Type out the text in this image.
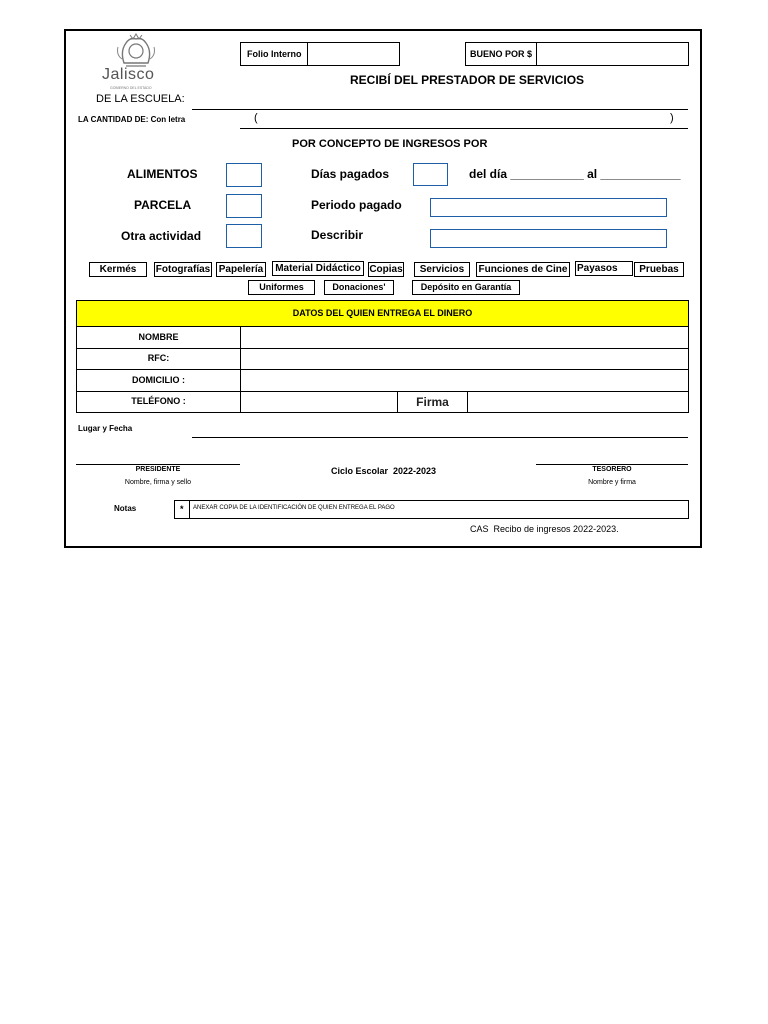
Jalisco
GOBIERNO DEL ESTADO
Folio Interno	BUENO POR $
RECIBÍ DEL PRESTADOR DE SERVICIOS
DE LA ESCUELA:
LA CANTIDAD DE: Con letra	(	)
POR CONCEPTO DE INGRESOS POR
ALIMENTOS	Días pagados	del día ___________ al ____________
PARCELA	Periodo pagado
Otra actividad	Describir
Kermés	Fotografías Papelería	Material Didáctico Copias	Servicios	Funciones de Cine Payasos	Pruebas
Uniformes	Donaciones'	Depósito en Garantía
DATOS DEL QUIEN ENTREGA EL DINERO
NOMBRE
RFC:
DOMICILIO :
TELÉFONO :	Firma
Lugar y Fecha
PRESIDENTE
Nombre, firma y sello
Ciclo Escolar  2022-2023	TESORERO
Nombre y firma
Notas	* ANEXAR COPIA DE LA IDENTIFICACIÓN DE QUIEN ENTREGA EL PAGO
CAS  Recibo de ingresos 2022-2023.
